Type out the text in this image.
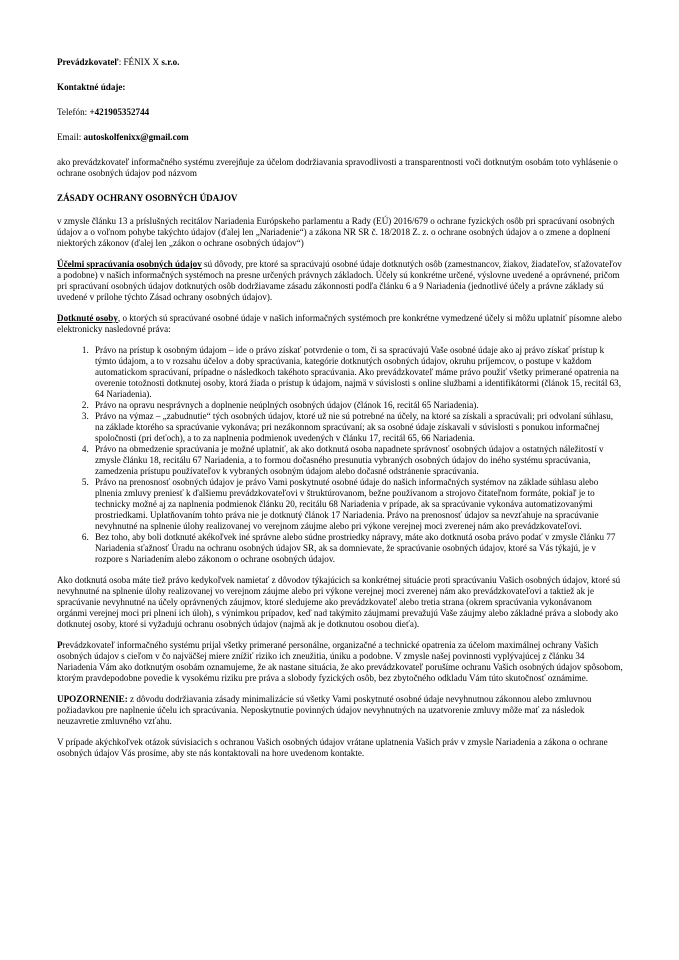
Prevádzkovateľ: FÉNIX X s.r.o.

Kontaktné údaje:

Telefón: +421905352744

Email: autoskolfenixx@gmail.com

ako prevádzkovateľ informačného systému zverejňuje za účelom dodržiavania spravodlivosti a transparentnosti voči dotknutým osobám toto vyhlásenie o ochrane osobných údajov pod názvom

ZÁSADY OCHRANY OSOBNÝCH ÚDAJOV

v zmysle článku 13 a príslušných recitálov Nariadenia Európskeho parlamentu a Rady (EÚ) 2016/679 o ochrane fyzických osôb pri spracúvaní osobných údajov a o voľnom pohybe takýchto údajov (ďalej len „Nariadenie“) a zákona NR SR č. 18/2018 Z. z. o ochrane osobných údajov a o zmene a doplnení niektorých zákonov (ďalej len „zákon o ochrane osobných údajov“)

Účelmi spracúvania osobných údajov sú dôvody, pre ktoré sa spracúvajú osobné údaje dotknutých osôb (zamestnancov, žiakov, žiadateľov, sťažovateľov a podobne) v našich informačných systémoch na presne určených právnych základoch. Účely sú konkrétne určené, výslovne uvedené a oprávnené, pričom pri spracúvaní osobných údajov dotknutých osôb dodržiavame zásadu zákonnosti podľa článku 6 a 9 Nariadenia (jednotlivé účely a právne základy sú uvedené v prílohe týchto Zásad ochrany osobných údajov).

Dotknuté osoby, o ktorých sú spracúvané osobné údaje v našich informačných systémoch pre konkrétne vymedzené účely si môžu uplatniť písomne alebo elektronicky nasledovné práva:

1. Právo na prístup k osobným údajom – ide o právo získať potvrdenie o tom, či sa spracúvajú Vaše osobné údaje ako aj právo získať prístup k týmto údajom, a to v rozsahu účelov a doby spracúvania, kategórie dotknutých osobných údajov, okruhu príjemcov, o postupe v každom automatickom spracúvaní, prípadne o následkoch takéhoto spracúvania. Ako prevádzkovateľ máme právo použiť všetky primerané opatrenia na overenie totožnosti dotknutej osoby, ktorá žiada o prístup k údajom, najmä v súvislosti s online službami a identifikátormi (článok 15, recitál 63, 64 Nariadenia).
2. Právo na opravu nesprávnych a doplnenie neúplných osobných údajov (článok 16, recitál 65 Nariadenia).
3. Právo na výmaz – „zabudnutie“ tých osobných údajov, ktoré už nie sú potrebné na účely, na ktoré sa získali a spracúvali; pri odvolaní súhlasu, na základe ktorého sa spracúvanie vykonáva; pri nezákonnom spracúvaní; ak sa osobné údaje získavali v súvislosti s ponukou informačnej spoločnosti (pri deťoch), a to za naplnenia podmienok uvedených v článku 17, recitál 65, 66 Nariadenia.
4. Právo na obmedzenie spracúvania je možné uplatniť, ak ako dotknutá osoba napadnete správnosť osobných údajov a ostatných náležitostí v zmysle článku 18, recitálu 67 Nariadenia, a to formou dočasného presunutia vybraných osobných údajov do iného systému spracúvania, zamedzenia prístupu používateľov k vybraných osobným údajom alebo dočasné odstránenie spracúvania.
5. Právo na prenosnosť osobných údajov je právo Vami poskytnuté osobné údaje do našich informačných systémov na základe súhlasu alebo plnenia zmluvy preniesť k ďalšiemu prevádzkovateľovi v štruktúrovanom, bežne používanom a strojovo čitateľnom formáte, pokiaľ je to technicky možné aj za naplnenia podmienok článku 20, recitálu 68 Nariadenia v prípade, ak sa spracúvanie vykonáva automatizovanými prostriedkami. Uplatňovaním tohto práva nie je dotknutý článok 17 Nariadenia. Právo na prenosnosť údajov sa nevzťahuje na spracúvanie nevyhnutné na splnenie úlohy realizovanej vo verejnom záujme alebo pri výkone verejnej moci zverenej nám ako prevádzkovateľovi.
6. Bez toho, aby boli dotknuté akékoľvek iné správne alebo súdne prostriedky nápravy, máte ako dotknutá osoba právo podať v zmysle článku 77 Nariadenia sťažnosť Úradu na ochranu osobných údajov SR, ak sa domnievate, že spracúvanie osobných údajov, ktoré sa Vás týkajú, je v rozpore s Nariadením alebo zákonom o ochrane osobných údajov.

Ako dotknutá osoba máte tiež právo kedykoľvek namietať z dôvodov týkajúcich sa konkrétnej situácie proti spracúvaniu Vašich osobných údajov, ktoré sú nevyhnutné na splnenie úlohy realizovanej vo verejnom záujme alebo pri výkone verejnej moci zverenej nám ako prevádzkovateľovi a taktiež ak je spracúvanie nevyhnutné na účely oprávnených záujmov, ktoré sledujeme ako prevádzkovateľ alebo tretia strana (okrem spracúvania vykonávanom orgánmi verejnej moci pri plnení ich úloh), s výnimkou prípadov, keď nad takýmito záujmami prevažujú Vaše záujmy alebo základné práva a slobody ako dotknutej osoby, ktoré si vyžadujú ochranu osobných údajov (najmä ak je dotknutou osobou dieťa).

Prevádzkovateľ informačného systému prijal všetky primerané personálne, organizačné a technické opatrenia za účelom maximálnej ochrany Vašich osobných údajov s cieľom v čo najväčšej miere znížiť riziko ich zneužitia, úniku a podobne. V zmysle našej povinnosti vyplývajúcej z článku 34 Nariadenia Vám ako dotknutým osobám oznamujeme, že ak nastane situácia, že ako prevádzkovateľ porušíme ochranu Vašich osobných údajov spôsobom, ktorým pravdepodobne povedie k vysokému riziku pre práva a slobody fyzických osôb, bez zbytočného odkladu Vám túto skutočnosť oznámime.

UPOZORNENIE: z dôvodu dodržiavania zásady minimalizácie sú všetky Vami poskytnuté osobné údaje nevyhnutnou zákonnou alebo zmluvnou požiadavkou pre naplnenie účelu ich spracúvania. Neposkytnutie povinných údajov nevyhnutných na uzatvorenie zmluvy môže mať za následok neuzavretie zmluvného vzťahu.

V prípade akýchkoľvek otázok súvisiacich s ochranou Vašich osobných údajov vrátane uplatnenia Vašich práv v zmysle Nariadenia a zákona o ochrane osobných údajov Vás prosíme, aby ste nás kontaktovali na hore uvedenom kontakte.
